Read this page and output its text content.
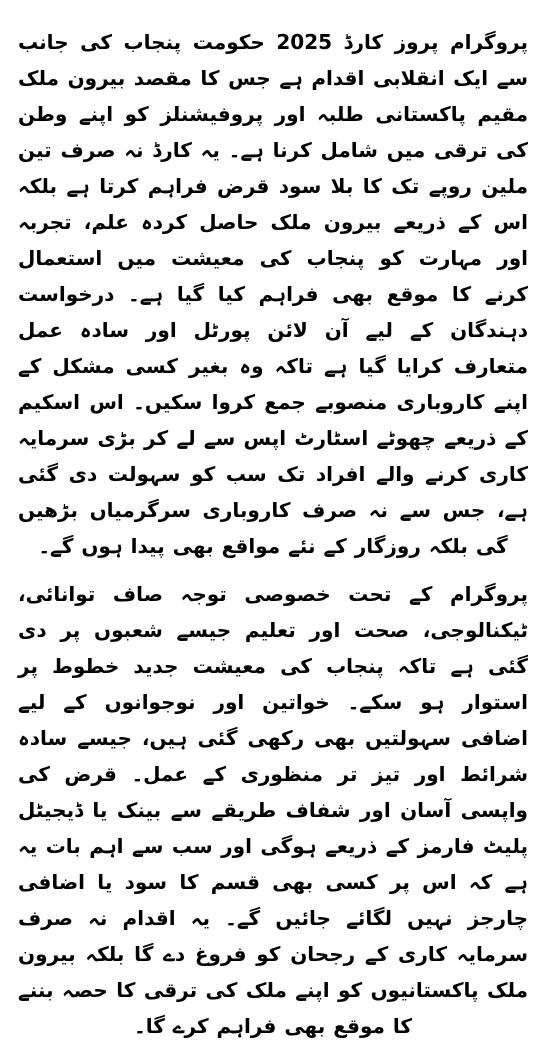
پروگرام پروز کارڈ 2025 حکومت پنجاب کی جانب سے ایک انقلابی اقدام ہے جس کا مقصد بیرون ملک مقیم پاکستانی طلبہ اور پروفیشنلز کو اپنے وطن کی ترقی میں شامل کرنا ہے۔ یہ کارڈ نہ صرف تین ملین روپے تک کا بلا سود قرض فراہم کرتا ہے بلکہ اس کے ذریعے بیرون ملک حاصل کردہ علم، تجربہ اور مہارت کو پنجاب کی معیشت میں استعمال کرنے کا موقع بھی فراہم کیا گیا ہے۔ درخواست دہندگان کے لیے آن لائن پورٹل اور سادہ عمل متعارف کرایا گیا ہے تاکہ وہ بغیر کسی مشکل کے اپنے کاروباری منصوبے جمع کروا سکیں۔ اس اسکیم کے ذریعے چھوٹے اسٹارٹ اپس سے لے کر بڑی سرمایہ کاری کرنے والے افراد تک سب کو سہولت دی گئی ہے، جس سے نہ صرف کاروباری سرگرمیاں بڑھیں گی بلکہ روزگار کے نئے مواقع بھی پیدا ہوں گے۔

پروگرام کے تحت خصوصی توجہ صاف توانائی، ٹیکنالوجی، صحت اور تعلیم جیسے شعبوں پر دی گئی ہے تاکہ پنجاب کی معیشت جدید خطوط پر استوار ہو سکے۔ خواتین اور نوجوانوں کے لیے اضافی سہولتیں بھی رکھی گئی ہیں، جیسے سادہ شرائط اور تیز تر منظوری کے عمل۔ قرض کی واپسی آسان اور شفاف طریقے سے بینک یا ڈیجیٹل پلیٹ فارمز کے ذریعے ہوگی اور سب سے اہم بات یہ ہے کہ اس پر کسی بھی قسم کا سود یا اضافی چارجز نہیں لگائے جائیں گے۔ یہ اقدام نہ صرف سرمایہ کاری کے رجحان کو فروغ دے گا بلکہ بیرون ملک پاکستانیوں کو اپنے ملک کی ترقی کا حصہ بننے کا موقع بھی فراہم کرے گا۔
